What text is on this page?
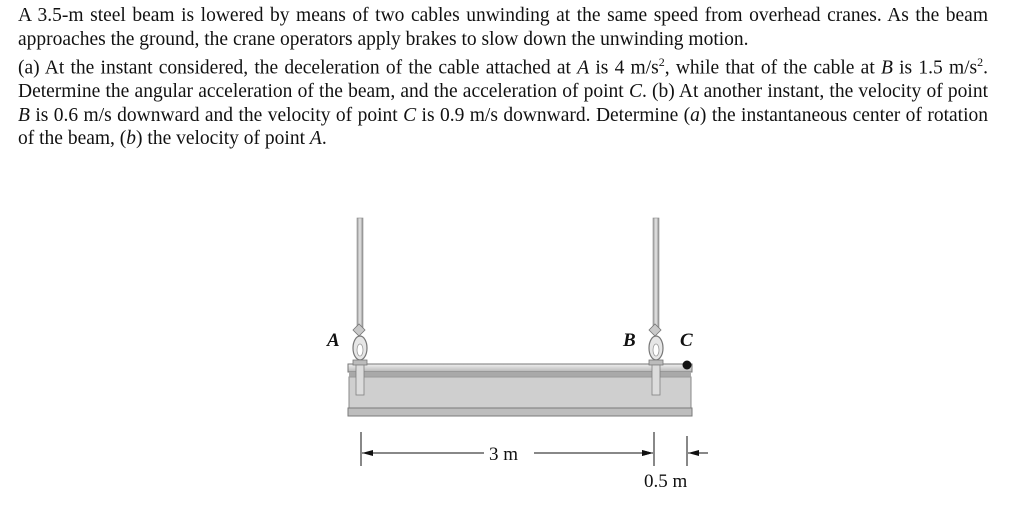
A 3.5-m steel beam is lowered by means of two cables unwinding at the same speed from overhead cranes. As the beam approaches the ground, the crane operators apply brakes to slow down the unwinding motion.
(a) At the instant considered, the deceleration of the cable attached at A is 4 $m/s^2$, while that of the cable at B is 1.5 $m/s^2$. Determine the angular acceleration of the beam, and the acceleration of point C. (b) At another instant, the velocity of point B is 0.6 m/s downward and the velocity of point C is 0.9 m/s downward. Determine (a) the instantaneous center of rotation of the beam, (b) the velocity of point A.

A	B C
3 m
0.5 m
